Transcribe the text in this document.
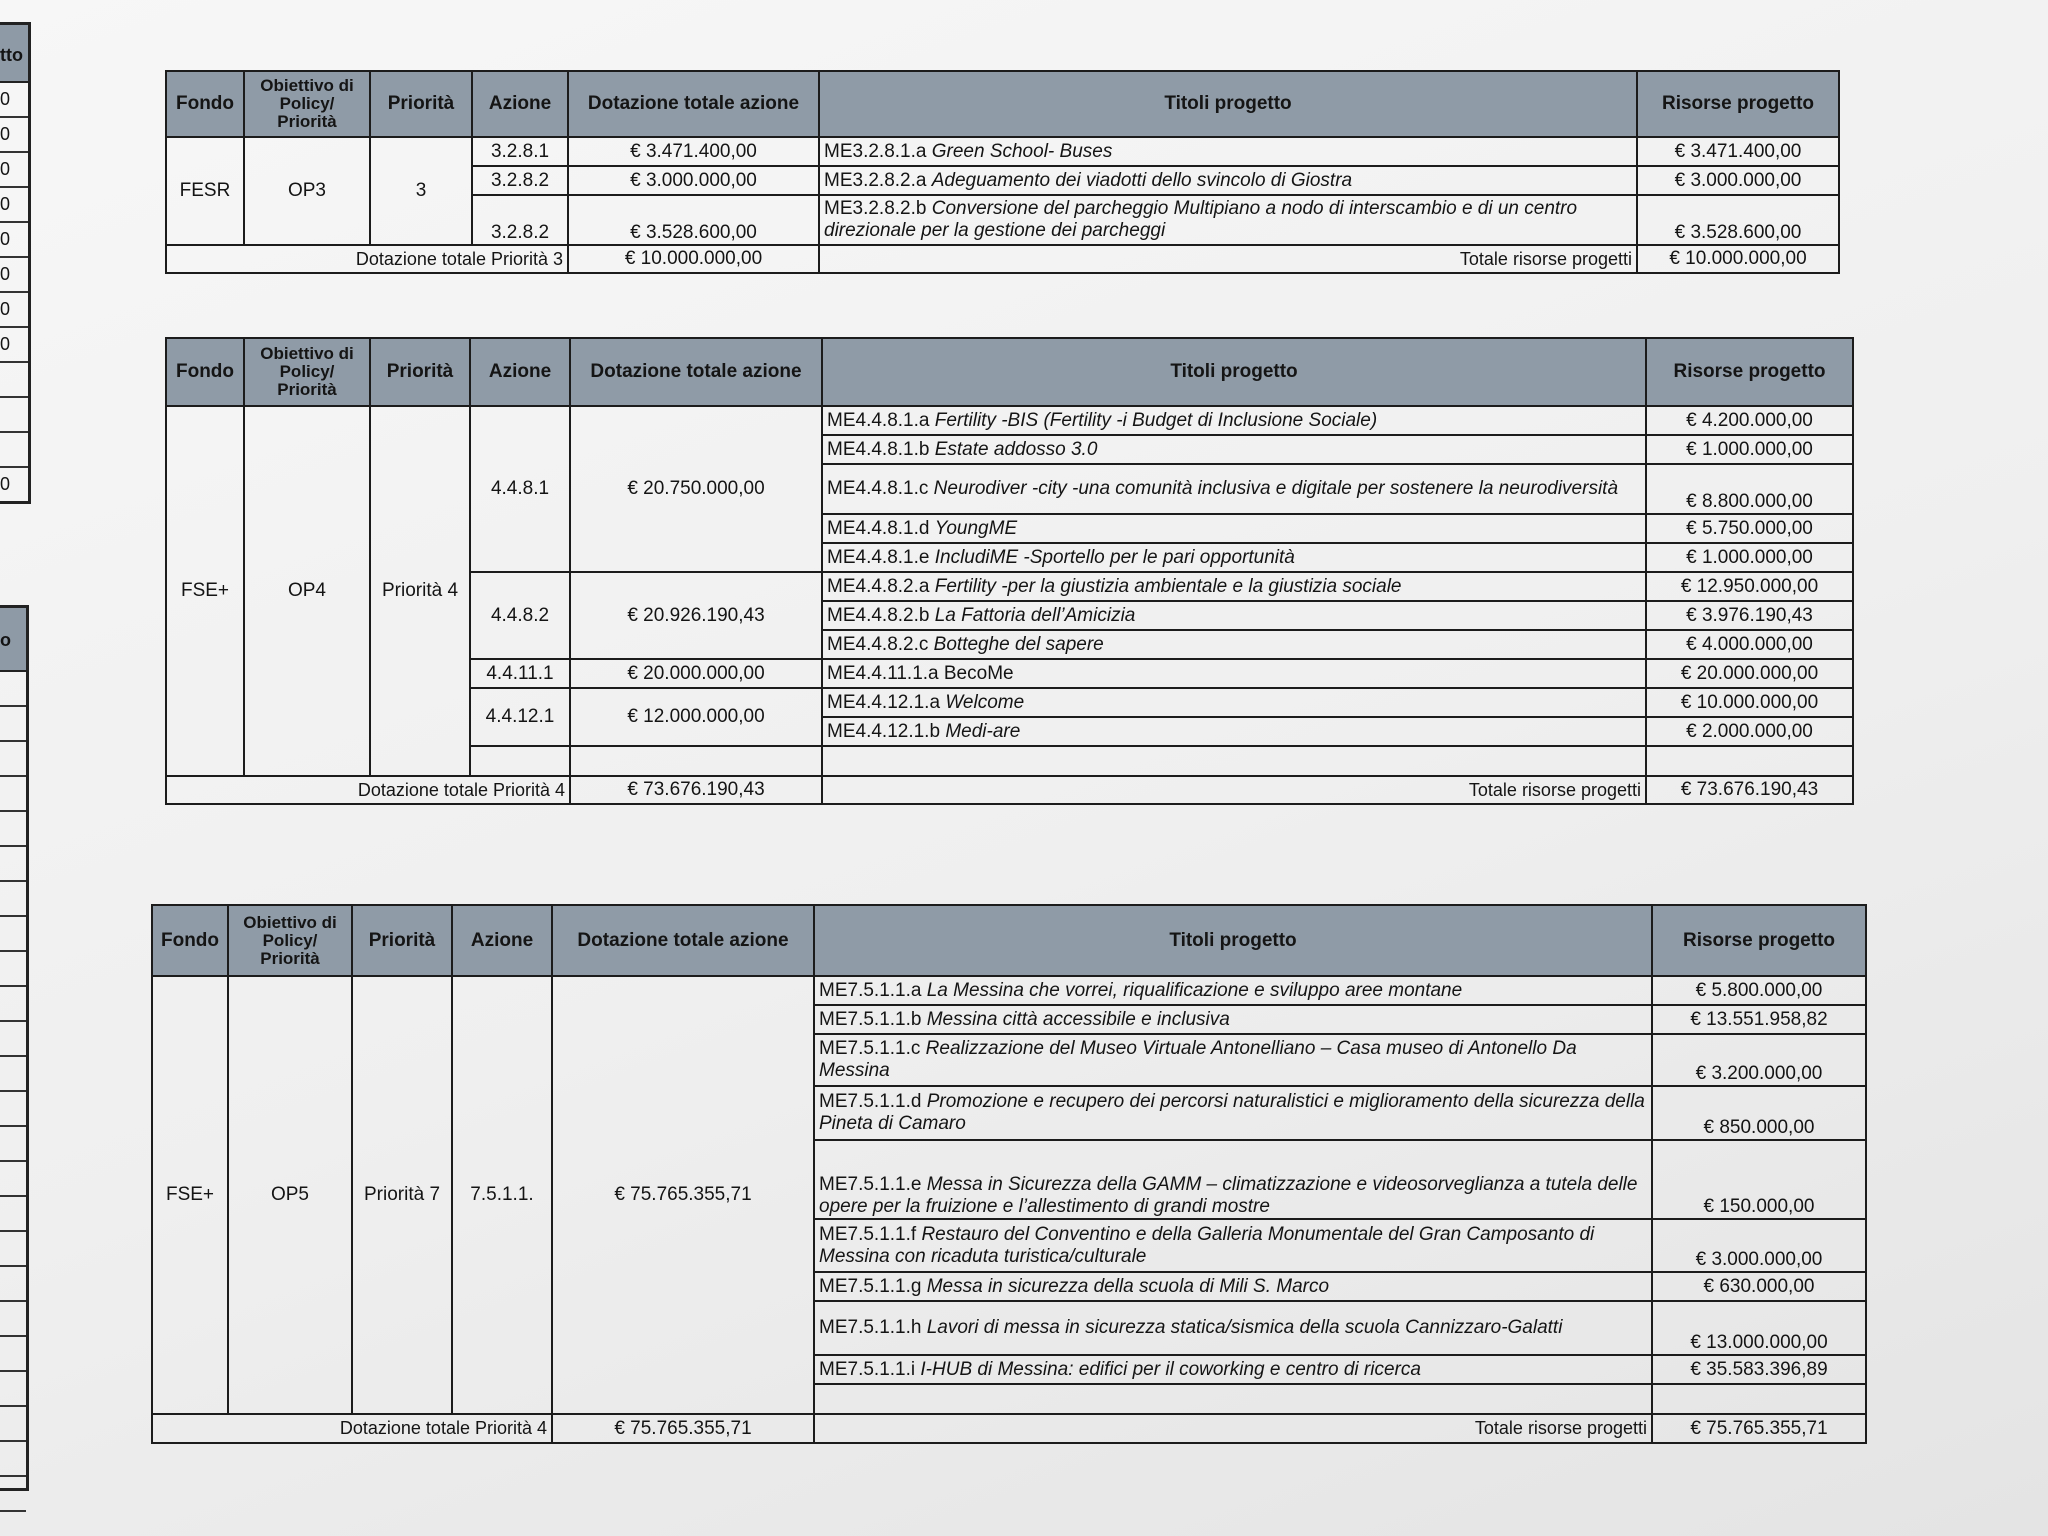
tto
0
0
0
0
0
0
0
0
0
o
Fondo	Obiettivo di Policy/ Priorità	Priorità	Azione	Dotazione totale azione	Titoli progetto	Risorse progetto
FESR	OP3	3	3.2.8.1	€ 3.471.400,00	ME3.2.8.1.a Green School- Buses	€ 3.471.400,00
			3.2.8.2	€ 3.000.000,00	ME3.2.8.2.a Adeguamento dei viadotti dello svincolo di Giostra	€ 3.000.000,00
			3.2.8.2	€ 3.528.600,00	ME3.2.8.2.b Conversione del parcheggio Multipiano a nodo di interscambio e di un centro direzionale per la gestione dei parcheggi	€ 3.528.600,00
Dotazione totale Priorità 3				€ 10.000.000,00	Totale risorse progetti	€ 10.000.000,00
Fondo	Obiettivo di Policy/ Priorità	Priorità	Azione	Dotazione totale azione	Titoli progetto	Risorse progetto
FSE+	OP4	Priorità 4	4.4.8.1	€ 20.750.000,00	ME4.4.8.1.a Fertility -BIS (Fertility -i Budget di Inclusione Sociale)	€ 4.200.000,00
					ME4.4.8.1.b Estate addosso 3.0	€ 1.000.000,00
					ME4.4.8.1.c Neurodiver -city -una comunità inclusiva e digitale per sostenere la neurodiversità	€ 8.800.000,00
					ME4.4.8.1.d YoungME	€ 5.750.000,00
					ME4.4.8.1.e IncludiME -Sportello per le pari opportunità	€ 1.000.000,00
			4.4.8.2	€ 20.926.190,43	ME4.4.8.2.a Fertility -per la giustizia ambientale e la giustizia sociale	€ 12.950.000,00
					ME4.4.8.2.b La Fattoria dell’Amicizia	€ 3.976.190,43
					ME4.4.8.2.c Botteghe del sapere	€ 4.000.000,00
			4.4.11.1	€ 20.000.000,00	ME4.4.11.1.a BecoMe	€ 20.000.000,00
			4.4.12.1	€ 12.000.000,00	ME4.4.12.1.a Welcome	€ 10.000.000,00
					ME4.4.12.1.b Medi-are	€ 2.000.000,00

Dotazione totale Priorità 4				€ 73.676.190,43	Totale risorse progetti	€ 73.676.190,43
Fondo	Obiettivo di Policy/ Priorità	Priorità	Azione	Dotazione totale azione	Titoli progetto	Risorse progetto
FSE+	OP5	Priorità 7	7.5.1.1.	€ 75.765.355,71	ME7.5.1.1.a La Messina che vorrei, riqualificazione e sviluppo aree montane	€ 5.800.000,00
					ME7.5.1.1.b Messina città accessibile e inclusiva	€ 13.551.958,82
					ME7.5.1.1.c Realizzazione del Museo Virtuale Antonelliano – Casa museo di Antonello Da Messina	€ 3.200.000,00
					ME7.5.1.1.d Promozione e recupero dei percorsi naturalistici e miglioramento della sicurezza della Pineta di Camaro	€ 850.000,00
					ME7.5.1.1.e Messa in Sicurezza della GAMM – climatizzazione e videosorveglianza a tutela delle opere per la fruizione e l’allestimento di grandi mostre	€ 150.000,00
					ME7.5.1.1.f Restauro del Conventino e della Galleria Monumentale del Gran Camposanto di Messina con ricaduta turistica/culturale	€ 3.000.000,00
					ME7.5.1.1.g Messa in sicurezza della scuola di Mili S. Marco	€ 630.000,00
					ME7.5.1.1.h Lavori di messa in sicurezza statica/sismica della scuola Cannizzaro-Galatti	€ 13.000.000,00
					ME7.5.1.1.i I-HUB di Messina: edifici per il coworking e centro di ricerca	€ 35.583.396,89

Dotazione totale Priorità 4				€ 75.765.355,71	Totale risorse progetti	€ 75.765.355,71
